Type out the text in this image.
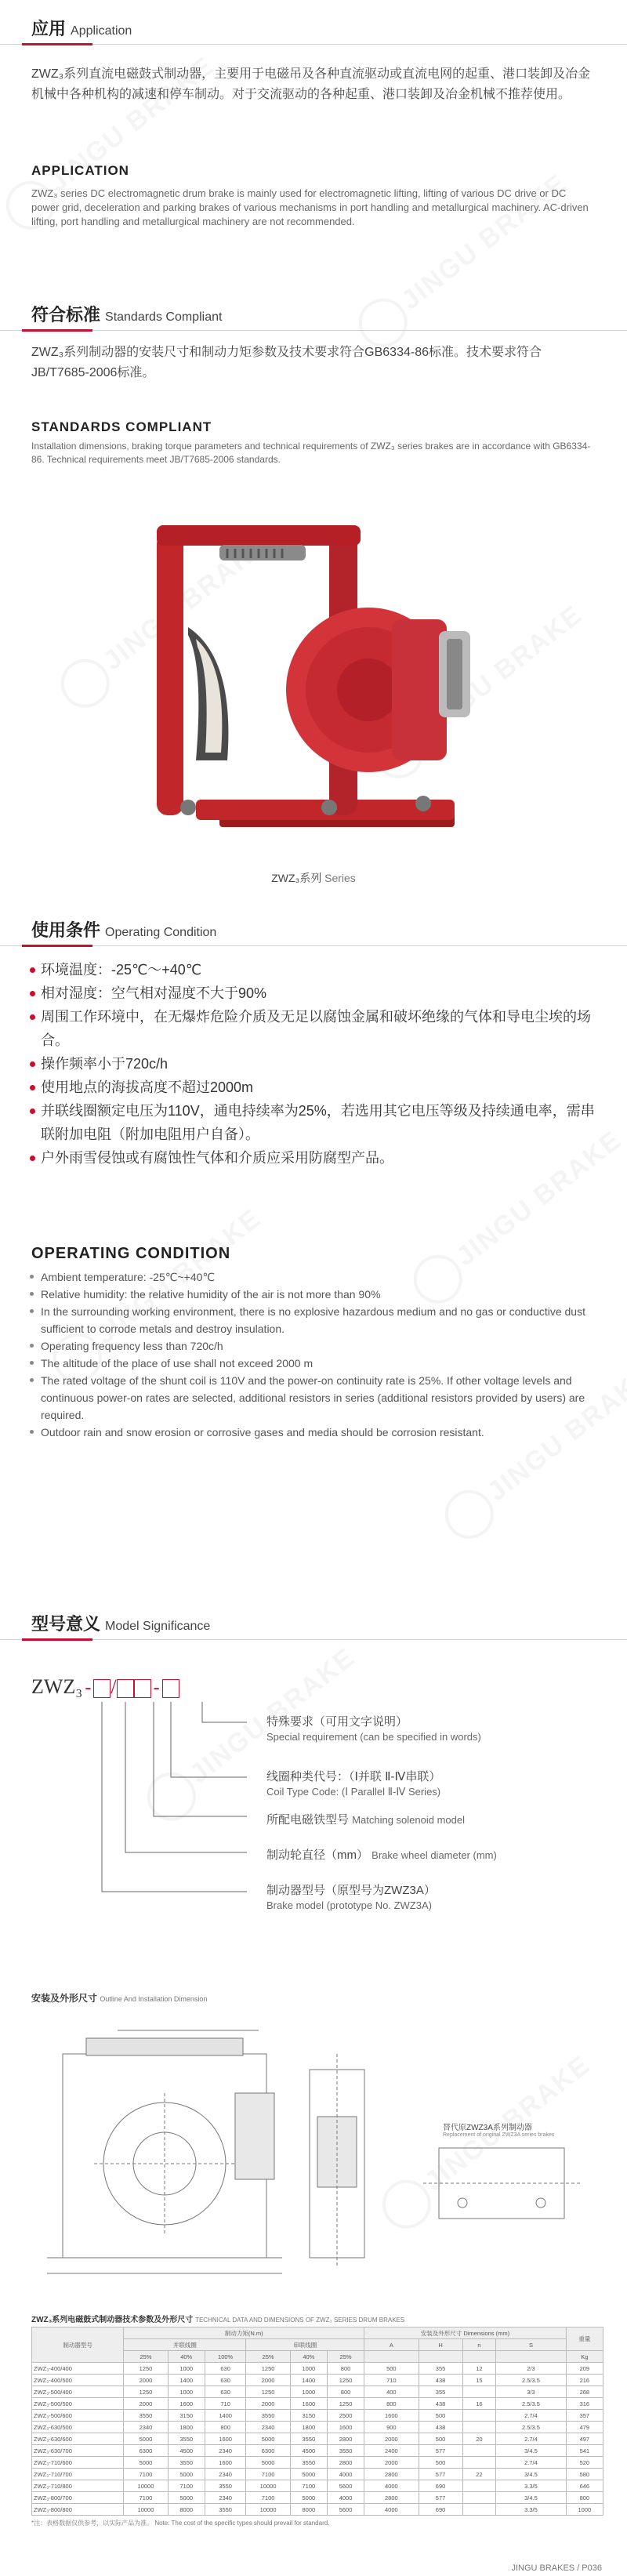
应用 Application
ZWZ₃系列直流电磁鼓式制动器，主要用于电磁吊及各种直流驱动或直流电网的起重、港口装卸及冶金机械中各种机构的减速和停车制动。对于交流驱动的各种起重、港口装卸及冶金机械不推荐使用。
APPLICATION
ZWZ₃ series DC electromagnetic drum brake is mainly used for electromagnetic lifting, lifting of various DC drive or DC power grid, deceleration and parking brakes of various mechanisms in port handling and metallurgical machinery. AC-driven lifting, port handling and metallurgical machinery are not recommended.
符合标准 Standards Compliant
ZWZ₃系列制动器的安装尺寸和制动力矩参数及技术要求符合GB6334-86标准。技术要求符合JB/T7685-2006标准。
STANDARDS COMPLIANT
Installation dimensions, braking torque parameters and technical requirements of ZWZ₃ series brakes are in accordance with GB6334-86. Technical requirements meet JB/T7685-2006 standards.
ZWZ₃系列 Series
使用条件 Operating Condition
环境温度：-25℃～+40℃
相对湿度：空气相对湿度不大于90%
周围工作环境中，在无爆炸危险介质及无足以腐蚀金属和破坏绝缘的气体和导电尘埃的场合。
操作频率小于720c/h
使用地点的海拔高度不超过2000m
并联线圈额定电压为110V，通电持续率为25%，若选用其它电压等级及持续通电率，需串联附加电阻（附加电阻用户自备）。
户外雨雪侵蚀或有腐蚀性气体和介质应采用防腐型产品。
OPERATING CONDITION
Ambient temperature: -25℃~+40℃
Relative humidity: the relative humidity of the air is not more than 90%
In the surrounding working environment, there is no explosive hazardous medium and no gas or conductive dust sufficient to corrode metals and destroy insulation.
Operating frequency less than 720c/h
The altitude of the place of use shall not exceed 2000 m
The rated voltage of the shunt coil is 110V and the power-on continuity rate is 25%. If other voltage levels and continuous power-on rates are selected, additional resistors in series (additional resistors provided by users) are required.
Outdoor rain and snow erosion or corrosive gases and media should be corrosion resistant.
型号意义 Model Significance
ZWZ₃ - / -
特殊要求（可用文字说明）
Special requirement (can be specified in words)
线圈种类代号：（Ⅰ并联 Ⅱ-Ⅳ串联）
Coil Type Code: (Ⅰ Parallel Ⅱ-Ⅳ Series)
所配电磁铁型号 Matching solenoid model
制动轮直径（mm） Brake wheel diameter (mm)
制动器型号（原型号为ZWZ3A）
Brake model (prototype No. ZWZ3A)
安装及外形尺寸 Outline And Installation Dimension
替代原ZWZ3A系列制动器
Replacement of original ZWZ3A series brakes
ZWZ₃系列电磁鼓式制动器技术参数及外形尺寸 TECHNICAL DATA AND DIMENSIONS OF ZWZ₃ SERIES DRUM BRAKES
制动器型号	制动力矩(N.m)						安装及外形尺寸 Dimensions (mm)				重量
	并联线圈			串联线圈			A	H	n	S	
	25%	40%	100%	25%	40%	25%					Kg
ZWZ₃-400/400	1250	1000	630	1250	1000	800	500	355	12	2/3	209
ZWZ₃-400/500	2000	1400	630	2000	1400	1250	710	438	15	2.5/3.5	216
ZWZ₃-500/400	1250	1000	630	1250	1000	800	400	355		3/3	268
ZWZ₃-500/500	2000	1600	710	2000	1600	1250	800	438	16	2.5/3.5	316
ZWZ₃-500/600	3550	3150	1400	3550	3150	2500	1600	500		2.7/4	357
ZWZ₃-630/500	2340	1800	800	2340	1800	1600	900	438		2.5/3.5	479
ZWZ₃-630/600	5000	3550	1600	5000	3550	2800	2000	500	20	2.7/4	497
ZWZ₃-630/700	6300	4500	2340	6300	4500	3550	2400	577		3/4.5	541
ZWZ₃-710/600	5000	3550	1600	5000	3550	2800	2000	500		2.7/4	520
ZWZ₃-710/700	7100	5000	2340	7100	5000	4000	2800	577	22	3/4.5	580
ZWZ₃-710/800	10000	7100	3550	10000	7100	5600	4000	690		3.3/5	646
ZWZ₃-800/700	7100	5000	2340	7100	5000	4000	2800	577		3/4.5	800
ZWZ₃-800/800	10000	8000	3550	10000	8000	5600	4000	690		3.3/5	1000
*注：表格数据仅供参考，以实际产品为准。 Note: The cost of the specific types should prevail for standard.
JINGU BRAKES / P036
